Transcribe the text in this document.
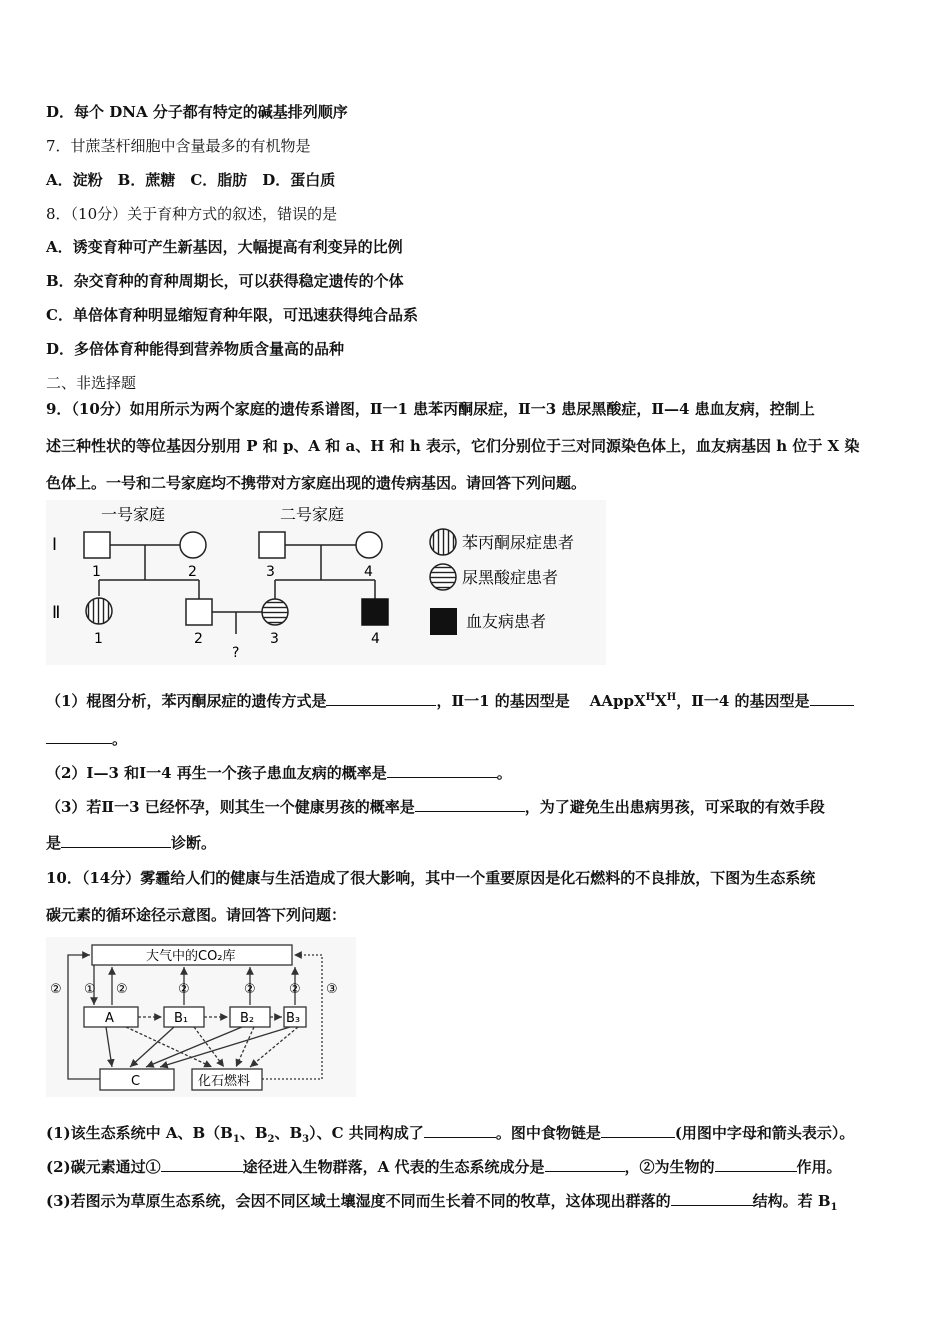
D．每个 DNA 分子都有特定的碱基排列顺序
7．甘蔗茎杆细胞中含量最多的有机物是
A．淀粉　B．蔗糖　C．脂肪　D．蛋白质
8．（10分）关于育种方式的叙述，错误的是
A．诱变育种可产生新基因，大幅提高有利变异的比例
B．杂交育种的育种周期长，可以获得稳定遗传的个体
C．单倍体育种明显缩短育种年限，可迅速获得纯合品系
D．多倍体育种能得到营养物质含量高的品种
二、非选择题
9．（10分）如用所示为两个家庭的遗传系谱图，Ⅱ一1 患苯丙酮尿症，Ⅱ一3 患尿黑酸症，Ⅱ—4 患血友病，控制上
述三种性状的等位基因分别用 P 和 p、A 和 a、H 和 h 表示，它们分别位于三对同源染色体上，血友病基因 h 位于 X 染
色体上。一号和二号家庭均不携带对方家庭出现的遗传病基因。请回答下列问题。
一号家庭	二号家庭
Ⅰ
Ⅱ
1	2	3	4
?
1	2	3	4
苯丙酮尿症患者
尿黑酸症患者
血友病患者
（1）棍图分析，苯丙酮尿症的遗传方式是	，Ⅱ一1 的基因型是 $AAppX^HX^H$，Ⅱ一4 的基因型是
。
（2）Ⅰ—3 和Ⅰ一4 再生一个孩子患血友病的概率是	。
（3）若Ⅱ一3 已经怀孕，则其生一个健康男孩的概率是	，为了避免生出患病男孩，可采取的有效手段
是	诊断。
10．（14分）雾霾给人们的健康与生活造成了很大影响，其中一个重要原因是化石燃料的不良排放，下图为生态系统
碳元素的循环途径示意图。请回答下列问题：
大气中的CO₂库
A	B₁	B₂ B₃
C	化石燃料
① ②	②	②	②
②	③
(1)该生态系统中 A、$B(B_1$、$B_2$、$B_3$）、C 共同构成了	。图中食物链是	(用图中字母和箭头表示）。
(2)碳元素通过①	途径进入生物群落，A 代表的生态系统成分是	，②为生物的	作用。
(3)若图示为草原生态系统，会因不同区域土壤湿度不同而生长着不同的牧草，这体现出群落的	结构。若 $B_1$
